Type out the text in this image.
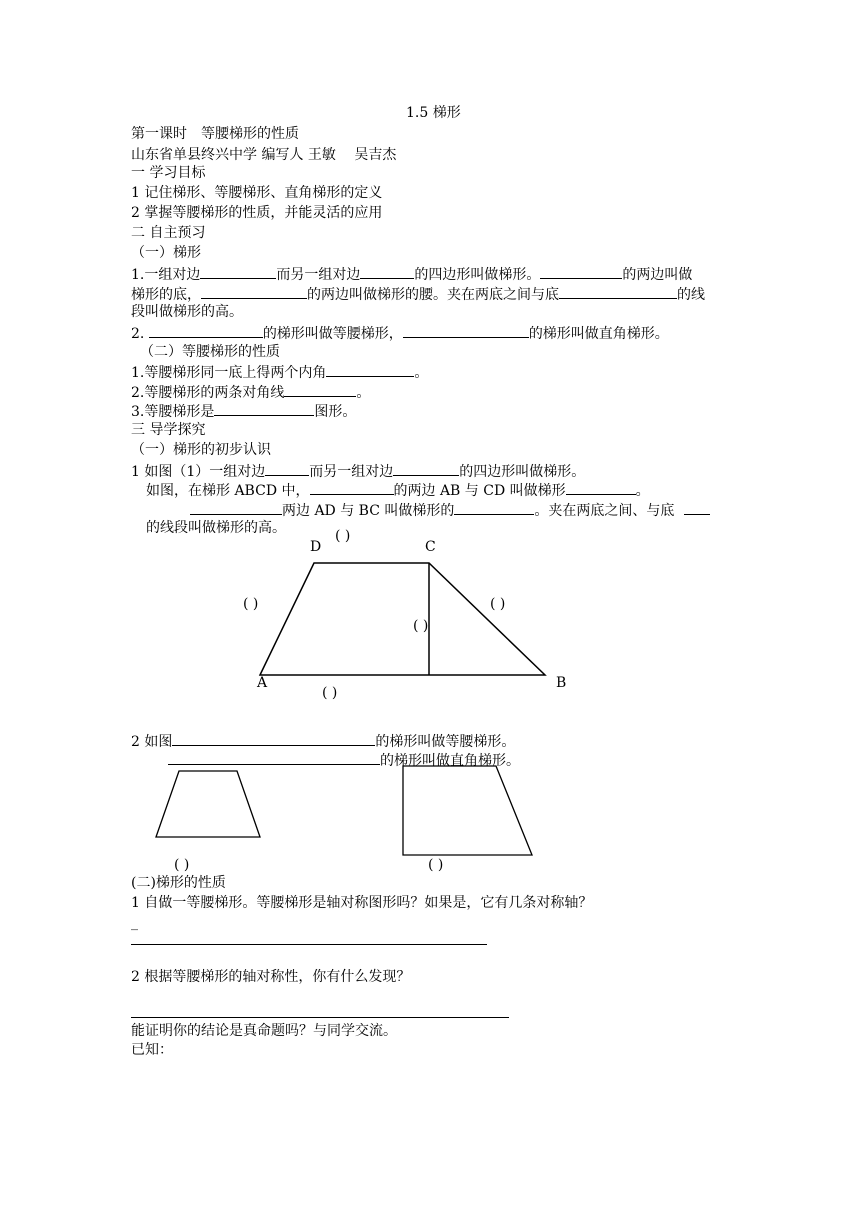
1.5 梯形
第一课时　等腰梯形的性质
山东省单县终兴中学 编写人 王敏　 吴吉杰
一 学习目标
1 记住梯形、等腰梯形、直角梯形的定义
2 掌握等腰梯形的性质，并能灵活的应用
二 自主预习
（一）梯形
1.一组对边	而另一组对边	的四边形叫做梯形。	的两边叫做
梯形的底，	的两边叫做梯形的腰。夹在两底之间与底	的线
段叫做梯形的高。
2.	的梯形叫做等腰梯形，	的梯形叫做直角梯形。
（二）等腰梯形的性质
1.等腰梯形同一底上得两个内角	。
2.等腰梯形的两条对角线	。
3.等腰梯形是	图形。
三 导学探究
（一）梯形的初步认识
1 如图（1）一组对边	而另一组对边	的四边形叫做梯形。
如图，在梯形 ABCD 中，	的两边 AB 与 CD 叫做梯形	。
两边 AD 与 BC 叫做梯形的	。夹在两底之间、与底
的线段叫做梯形的高。
D	C
A	B
( )
( )	( )
( )
( )
2 如图	的梯形叫做等腰梯形。
的梯形叫做直角梯形。
( )	( )
(二)梯形的性质
1 自做一等腰梯形。等腰梯形是轴对称图形吗？如果是，它有几条对称轴？
_
2 根据等腰梯形的轴对称性，你有什么发现？
能证明你的结论是真命题吗？与同学交流。
已知：
